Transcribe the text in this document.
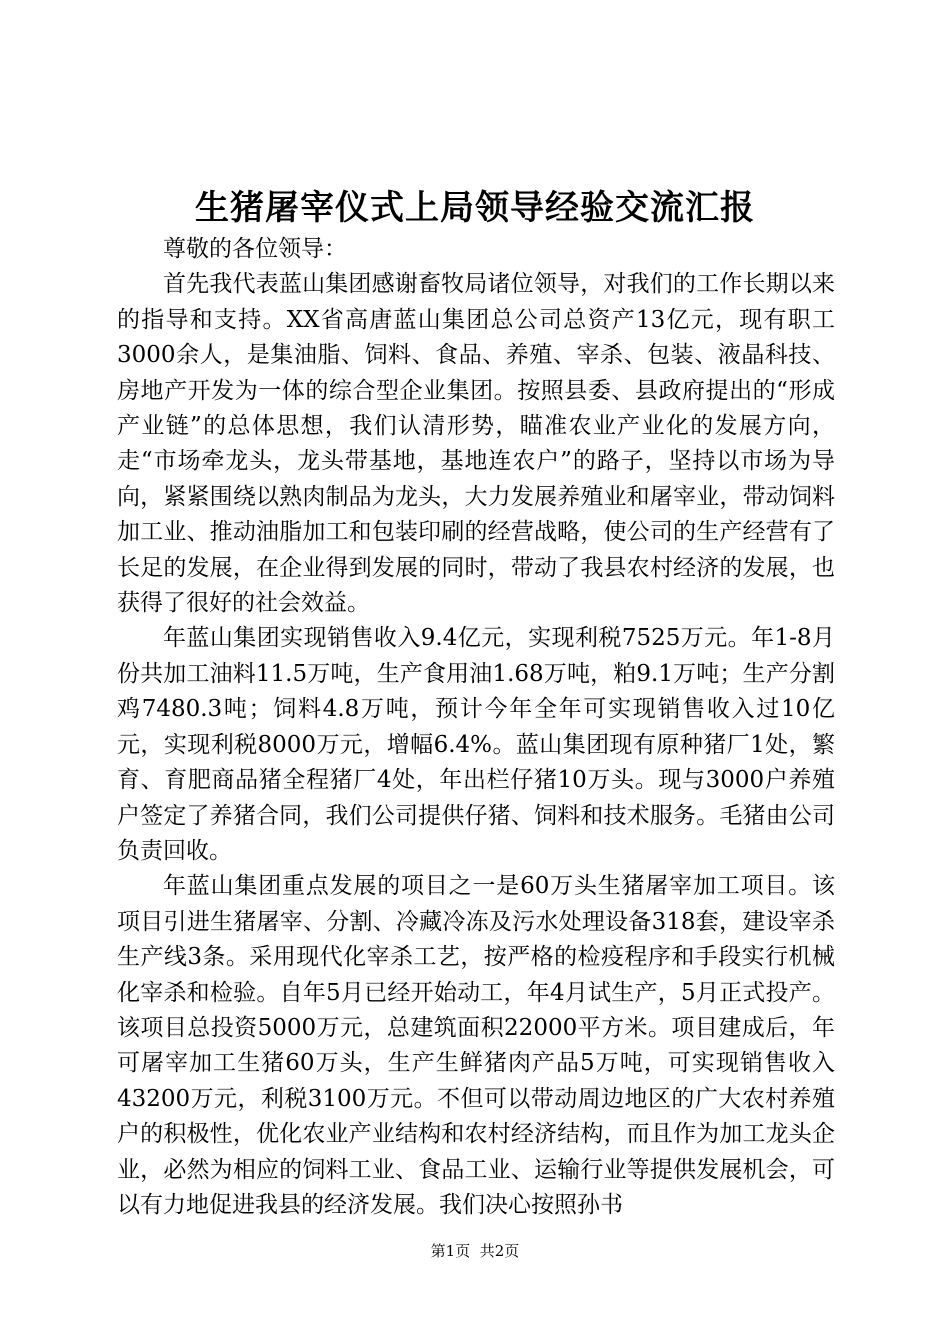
生猪屠宰仪式上局领导经验交流汇报

尊敬的各位领导：

首先我代表蓝山集团感谢畜牧局诸位领导，对我们的工作长期以来的指导和支持。XX省高唐蓝山集团总公司总资产13亿元，现有职工3000余人，是集油脂、饲料、食品、养殖、宰杀、包装、液晶科技、房地产开发为一体的综合型企业集团。按照县委、县政府提出的“形成产业链”的总体思想，我们认清形势，瞄准农业产业化的发展方向，走“市场牵龙头，龙头带基地，基地连农户”的路子，坚持以市场为导向，紧紧围绕以熟肉制品为龙头，大力发展养殖业和屠宰业，带动饲料加工业、推动油脂加工和包装印刷的经营战略，使公司的生产经营有了长足的发展，在企业得到发展的同时，带动了我县农村经济的发展，也获得了很好的社会效益。

年蓝山集团实现销售收入9.4亿元，实现利税7525万元。年1-8月份共加工油料11.5万吨，生产食用油1.68万吨，粕9.1万吨；生产分割鸡7480.3吨；饲料4.8万吨，预计今年全年可实现销售收入过10亿元，实现利税8000万元，增幅6.4%。蓝山集团现有原种猪厂1处，繁育、育肥商品猪全程猪厂4处，年出栏仔猪10万头。现与3000户养殖户签定了养猪合同，我们公司提供仔猪、饲料和技术服务。毛猪由公司负责回收。

年蓝山集团重点发展的项目之一是60万头生猪屠宰加工项目。该项目引进生猪屠宰、分割、冷藏冷冻及污水处理设备318套，建设宰杀生产线3条。采用现代化宰杀工艺，按严格的检疫程序和手段实行机械化宰杀和检验。自年5月已经开始动工，年4月试生产，5月正式投产。该项目总投资5000万元，总建筑面积22000平方米。项目建成后，年可屠宰加工生猪60万头，生产生鲜猪肉产品5万吨，可实现销售收入43200万元，利税3100万元。不但可以带动周边地区的广大农村养殖户的积极性，优化农业产业结构和农村经济结构，而且作为加工龙头企业，必然为相应的饲料工业、食品工业、运输行业等提供发展机会，可以有力地促进我县的经济发展。我们决心按照孙书

第1页 共2页
